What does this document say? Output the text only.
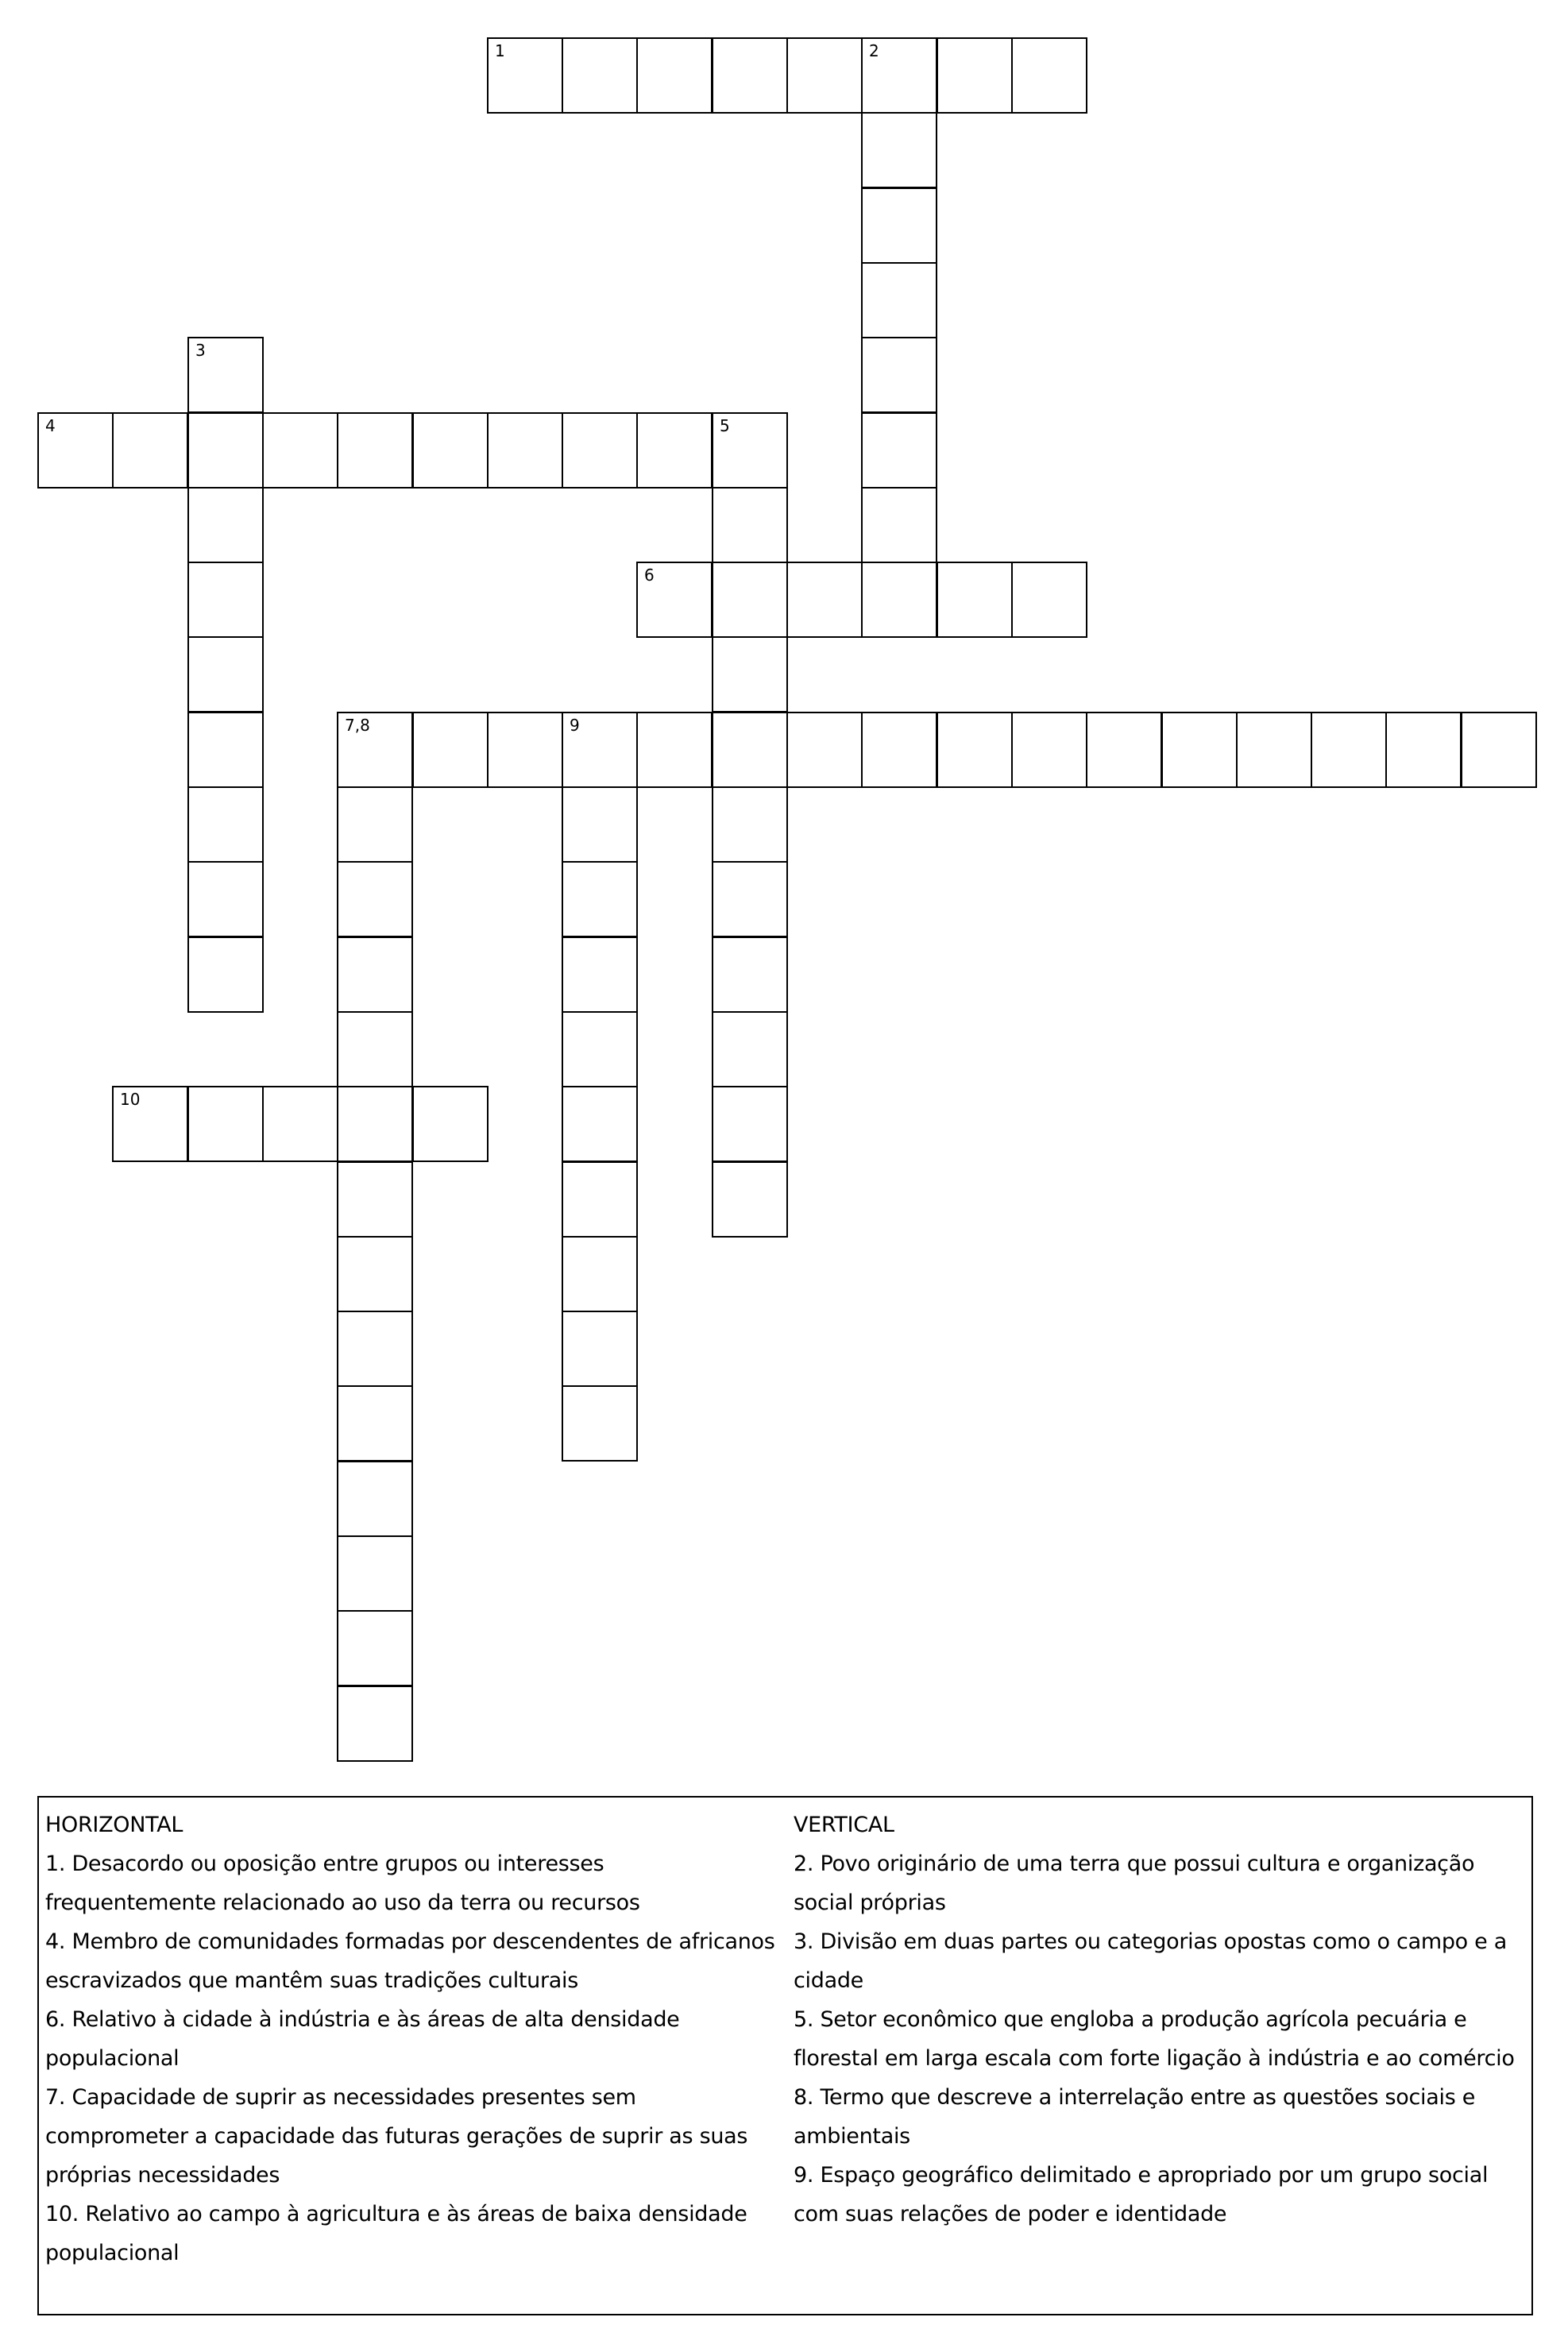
1	2
3
4	5
6
7,8	9
10
HORIZONTAL
1. Desacordo ou oposição entre grupos ou interesses
frequentemente relacionado ao uso da terra ou recursos
4. Membro de comunidades formadas por descendentes de africanos
escravizados que mantêm suas tradições culturais
6. Relativo à cidade à indústria e às áreas de alta densidade
populacional
7. Capacidade de suprir as necessidades presentes sem
comprometer a capacidade das futuras gerações de suprir as suas
próprias necessidades
10. Relativo ao campo à agricultura e às áreas de baixa densidade
populacional
VERTICAL
2. Povo originário de uma terra que possui cultura e organização
social próprias
3. Divisão em duas partes ou categorias opostas como o campo e a
cidade
5. Setor econômico que engloba a produção agrícola pecuária e
florestal em larga escala com forte ligação à indústria e ao comércio
8. Termo que descreve a interrelação entre as questões sociais e
ambientais
9. Espaço geográfico delimitado e apropriado por um grupo social
com suas relações de poder e identidade
